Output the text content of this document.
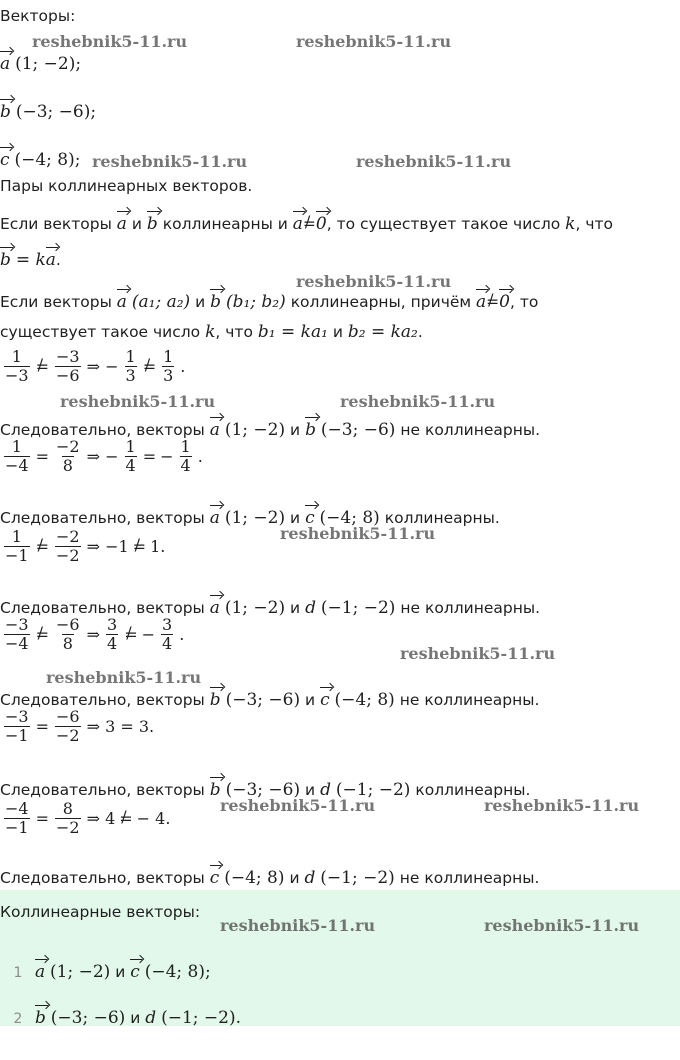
Векторы:
a (1; −2);
b (−3; −6);
c (−4; 8);
Пары коллинеарных векторов.
Если векторы a и b коллинеарны и a= /0, то существует такое число k, что
b = ka.
Если векторы a (a₁; a₂) и b (b₁; b₂) коллинеарны, причём a= /0, то
существует такое число k, что b₁ = ka₁ и b₂ = ka₂.
$\frac{1}{-3}$ = / $\frac{-3}{-6}$ ⇒ − $\frac{1}{3}$ = / $\frac{1}{3}$ .
Следовательно, векторы a (1; −2) и b (−3; −6) не коллинеарны.
$\frac{1}{-4} = \frac{-2}{8}$ ⇒ − $\frac{1}{4}$ = − $\frac{1}{4}$ .
Следовательно, векторы a (1; −2) и c (−4; 8) коллинеарны.
$\frac{1}{-1}$ = / $\frac{-2}{-2}$ ⇒ −1 = / 1.
Следовательно, векторы a (1; −2) и d (−1; −2) не коллинеарны.
$\frac{-3}{-4}$ = / $\frac{-6}{8}$ ⇒ $\frac{3}{4}$ = / − $\frac{3}{4}$ .
Следовательно, векторы b (−3; −6) и c (−4; 8) не коллинеарны.
$\frac{-3}{-1} = \frac{-6}{-2}$ ⇒ 3 = 3.
Следовательно, векторы b (−3; −6) и d (−1; −2) коллинеарны.
$\frac{-4}{-1} = \frac{8}{-2}$ ⇒ 4 = / − 4.
Следовательно, векторы c (−4; 8) и d (−1; −2) не коллинеарны.
Коллинеарные векторы:
1 a (1; −2) и c (−4; 8);
2 b (−3; −6) и d (−1; −2).
reshebnik5-11.ru	reshebnik5-11.ru
reshebnik5-11.ru	reshebnik5-11.ru
reshebnik5-11.ru
reshebnik5-11.ru	reshebnik5-11.ru
reshebnik5-11.ru
reshebnik5-11.ru
reshebnik5-11.ru
reshebnik5-11.ru	reshebnik5-11.ru
reshebnik5-11.ru	reshebnik5-11.ru
